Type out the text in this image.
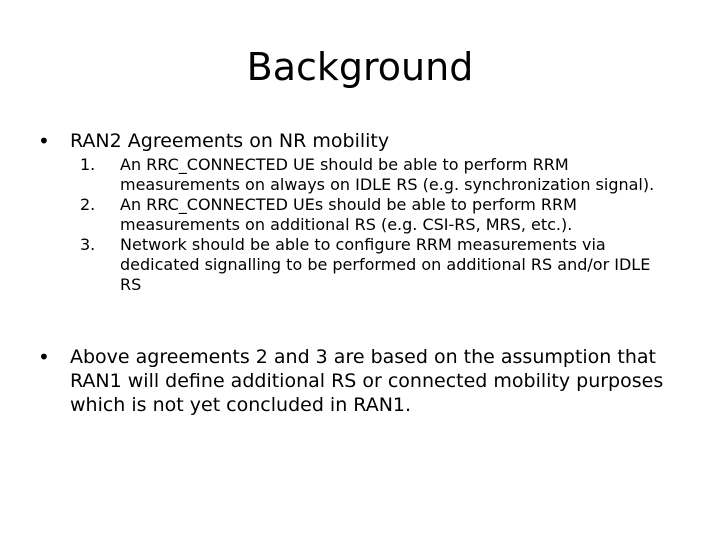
Background
• RAN2 Agreements on NR mobility
1.	An RRC_CONNECTED UE should be able to perform RRM measurements on always on IDLE RS (e.g. synchronization signal).
2.	An RRC_CONNECTED UEs should be able to perform RRM measurements on additional RS (e.g. CSI-RS, MRS, etc.).
3.	Network should be able to configure RRM measurements via dedicated signalling to be performed on additional RS and/or IDLE RS
• Above agreements 2 and 3 are based on the assumption that RAN1 will define additional RS or connected mobility purposes which is not yet concluded in RAN1.
